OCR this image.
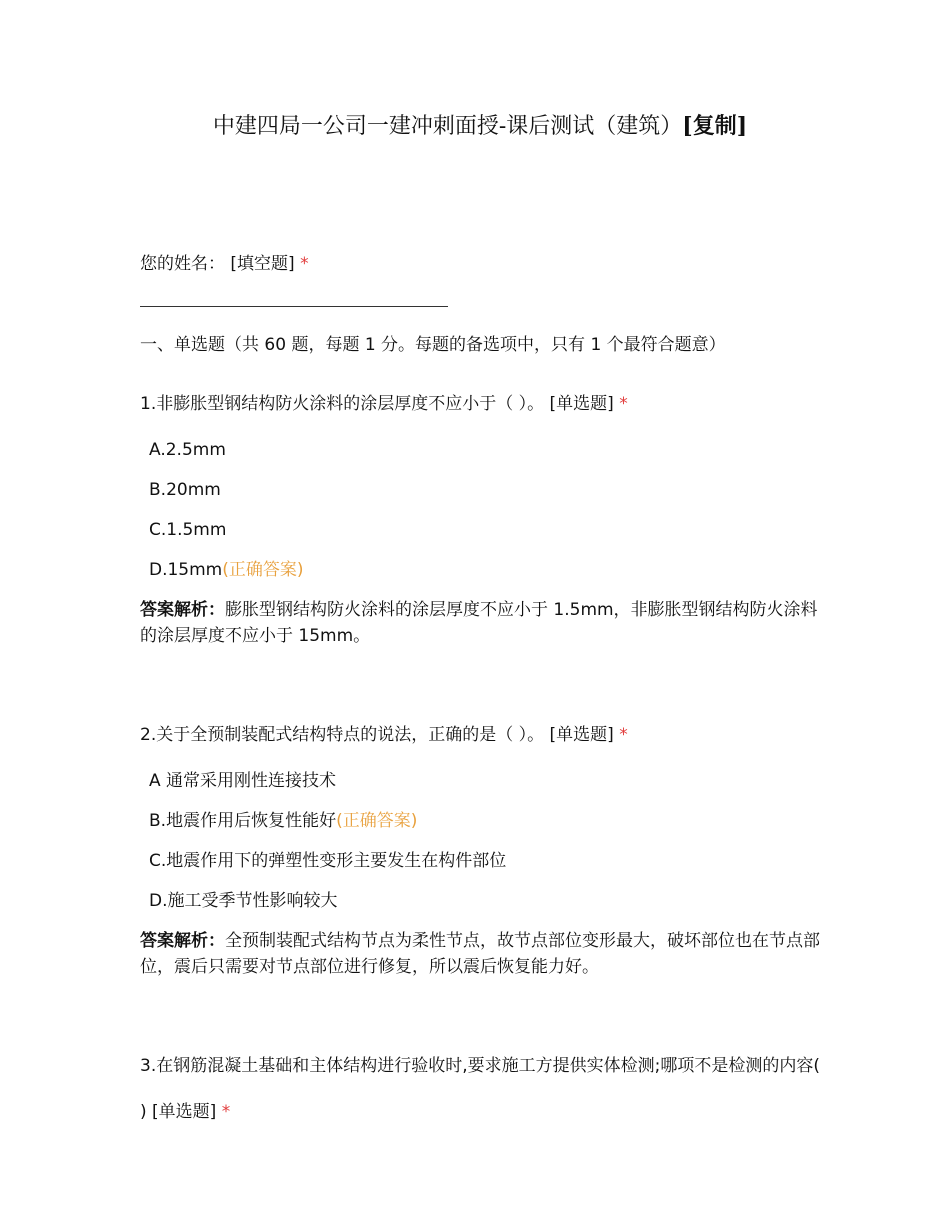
中建四局一公司一建冲刺面授-课后测试（建筑）[复制]

您的姓名： [填空题] *

一、单选题（共 60 题，每题 1 分。每题的备选项中，只有 1 个最符合题意）

1.非膨胀型钢结构防火涂料的涂层厚度不应小于（ ）。 [单选题] *

A.2.5mm

B.20mm

C.1.5mm

D.15mm(正确答案)

答案解析：膨胀型钢结构防火涂料的涂层厚度不应小于 1.5mm，非膨胀型钢结构防火涂料的涂层厚度不应小于 15mm。

2.关于全预制装配式结构特点的说法，正确的是（ ）。 [单选题] *

A 通常采用刚性连接技术

B.地震作用后恢复性能好(正确答案)

C.地震作用下的弹塑性变形主要发生在构件部位

D.施工受季节性影响较大

答案解析：全预制装配式结构节点为柔性节点，故节点部位变形最大，破坏部位也在节点部位，震后只需要对节点部位进行修复，所以震后恢复能力好。

3.在钢筋混凝土基础和主体结构进行验收时,要求施工方提供实体检测;哪项不是检测的内容( ) [单选题] *
